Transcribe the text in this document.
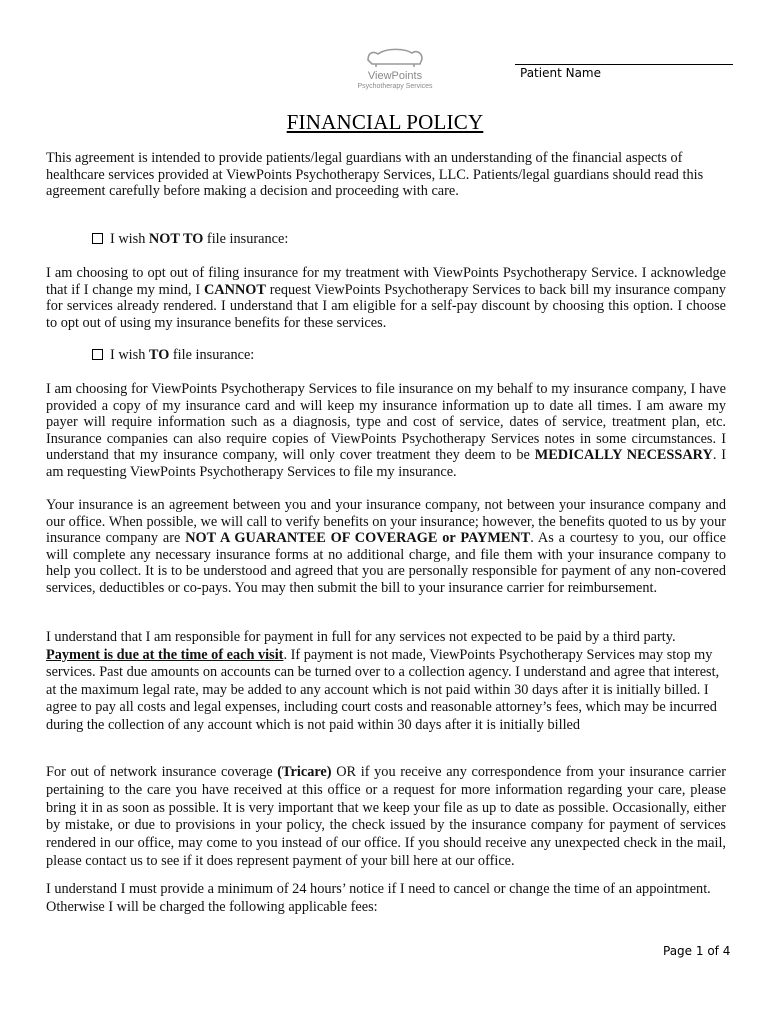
ViewPoints
Psychotherapy Services
Patient Name
FINANCIAL POLICY
This agreement is intended to provide patients/legal guardians with an understanding of the financial aspects of healthcare services provided at ViewPoints Psychotherapy Services, LLC. Patients/legal guardians should read this agreement carefully before making a decision and proceeding with care.
I wish NOT TO file insurance:
I am choosing to opt out of filing insurance for my treatment with ViewPoints Psychotherapy Service. I acknowledge that if I change my mind, I CANNOT request ViewPoints Psychotherapy Services to back bill my insurance company for services already rendered. I understand that I am eligible for a self-pay discount by choosing this option. I choose to opt out of using my insurance benefits for these services.
I wish TO file insurance:
I am choosing for ViewPoints Psychotherapy Services to file insurance on my behalf to my insurance company, I have provided a copy of my insurance card and will keep my insurance information up to date all times. I am aware my payer will require information such as a diagnosis, type and cost of service, dates of service, treatment plan, etc. Insurance companies can also require copies of ViewPoints Psychotherapy Services notes in some circumstances. I understand that my insurance company, will only cover treatment they deem to be MEDICALLY NECESSARY. I am requesting ViewPoints Psychotherapy Services to file my insurance.
Your insurance is an agreement between you and your insurance company, not between your insurance company and our office. When possible, we will call to verify benefits on your insurance; however, the benefits quoted to us by your insurance company are NOT A GUARANTEE OF COVERAGE or PAYMENT. As a courtesy to you, our office will complete any necessary insurance forms at no additional charge, and file them with your insurance company to help you collect. It is to be understood and agreed that you are personally responsible for payment of any non-covered services, deductibles or co-pays. You may then submit the bill to your insurance carrier for reimbursement.
I understand that I am responsible for payment in full for any services not expected to be paid by a third party. Payment is due at the time of each visit. If payment is not made, ViewPoints Psychotherapy Services may stop my services. Past due amounts on accounts can be turned over to a collection agency. I understand and agree that interest, at the maximum legal rate, may be added to any account which is not paid within 30 days after it is initially billed. I agree to pay all costs and legal expenses, including court costs and reasonable attorney’s fees, which may be incurred during the collection of any account which is not paid within 30 days after it is initially billed
For out of network insurance coverage (Tricare) OR if you receive any correspondence from your insurance carrier pertaining to the care you have received at this office or a request for more information regarding your care, please bring it in as soon as possible. It is very important that we keep your file as up to date as possible. Occasionally, either by mistake, or due to provisions in your policy, the check issued by the insurance company for payment of services rendered in our office, may come to you instead of our office. If you should receive any unexpected check in the mail, please contact us to see if it does represent payment of your bill here at our office.
I understand I must provide a minimum of 24 hours’ notice if I need to cancel or change the time of an appointment. Otherwise I will be charged the following applicable fees:
Page 1 of 4
